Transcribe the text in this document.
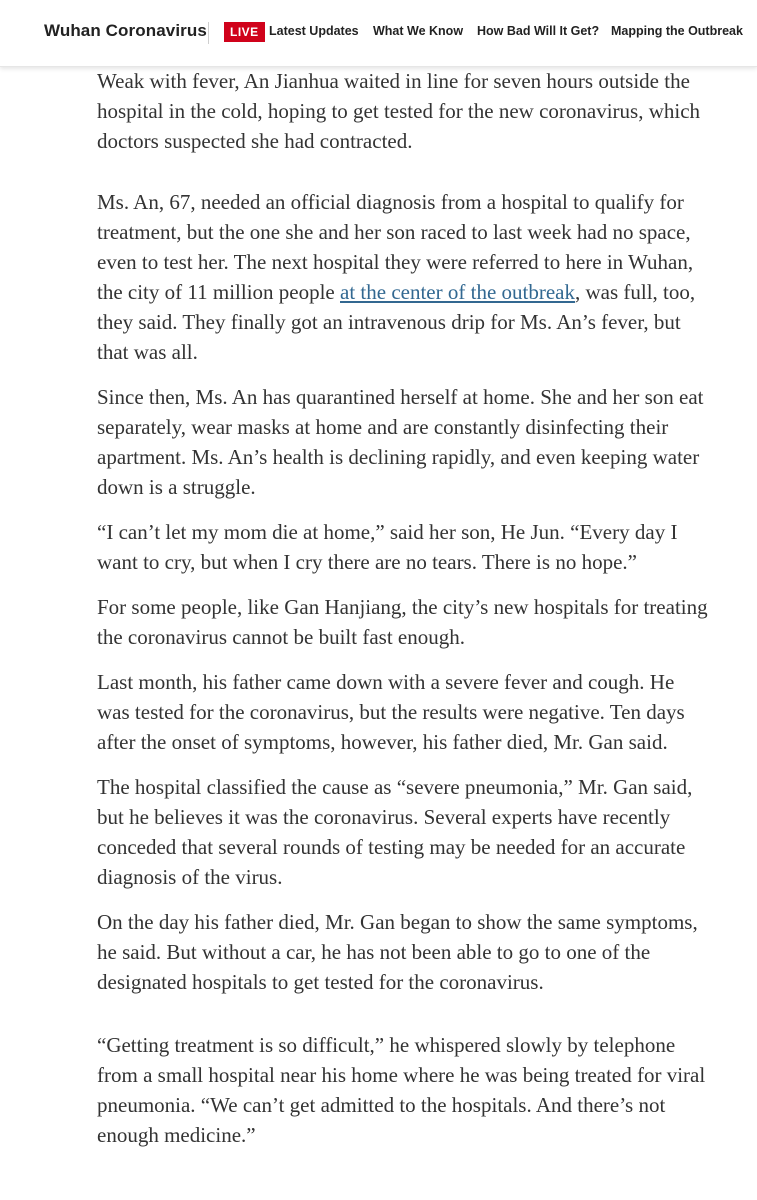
Wuhan Coronavirus	LIVE Latest Updates What We Know How Bad Will It Get? Mapping the Outbreak

Weak with fever, An Jianhua waited in line for seven hours outside the hospital in the cold, hoping to get tested for the new coronavirus, which doctors suspected she had contracted.

Ms. An, 67, needed an official diagnosis from a hospital to qualify for treatment, but the one she and her son raced to last week had no space, even to test her. The next hospital they were referred to here in Wuhan, the city of 11 million people at the center of the outbreak, was full, too, they said. They finally got an intravenous drip for Ms. An’s fever, but that was all.

Since then, Ms. An has quarantined herself at home. She and her son eat separately, wear masks at home and are constantly disinfecting their apartment. Ms. An’s health is declining rapidly, and even keeping water down is a struggle.

“I can’t let my mom die at home,” said her son, He Jun. “Every day I want to cry, but when I cry there are no tears. There is no hope.”

For some people, like Gan Hanjiang, the city’s new hospitals for treating the coronavirus cannot be built fast enough.

Last month, his father came down with a severe fever and cough. He was tested for the coronavirus, but the results were negative. Ten days after the onset of symptoms, however, his father died, Mr. Gan said.

The hospital classified the cause as “severe pneumonia,” Mr. Gan said, but he believes it was the coronavirus. Several experts have recently conceded that several rounds of testing may be needed for an accurate diagnosis of the virus.

On the day his father died, Mr. Gan began to show the same symptoms, he said. But without a car, he has not been able to go to one of the designated hospitals to get tested for the coronavirus.

“Getting treatment is so difficult,” he whispered slowly by telephone from a small hospital near his home where he was being treated for viral pneumonia. “We can’t get admitted to the hospitals. And there’s not enough medicine.”
